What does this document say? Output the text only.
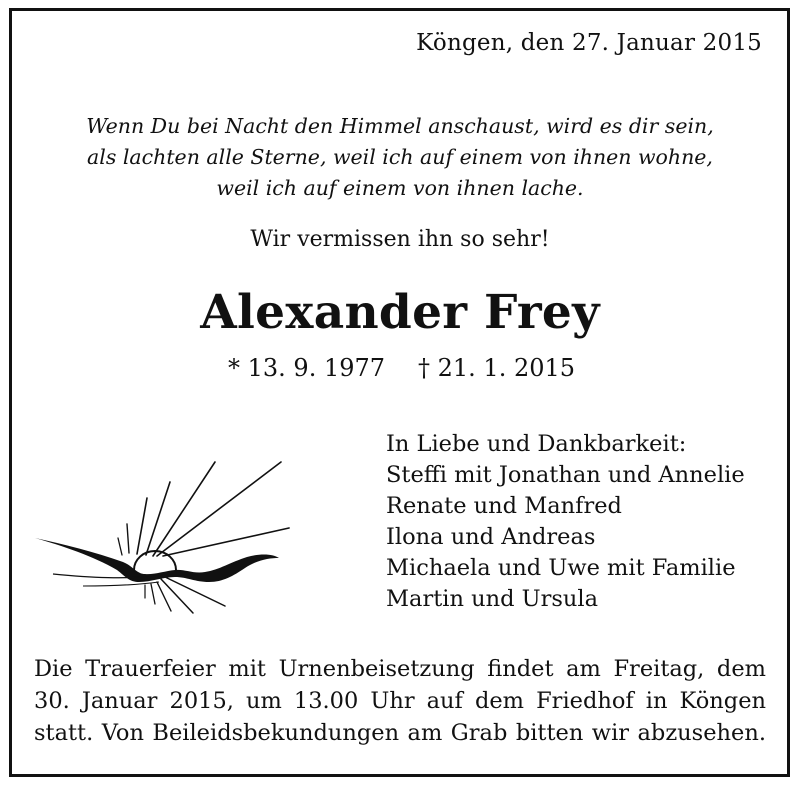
Köngen, den 27. Januar 2015
Wenn Du bei Nacht den Himmel anschaust, wird es dir sein,
als lachten alle Sterne, weil ich auf einem von ihnen wohne,
weil ich auf einem von ihnen lache.
Wir vermissen ihn so sehr!
Alexander Frey
* 13. 9. 1977 † 21. 1. 2015
In Liebe und Dankbarkeit:
Steffi mit Jonathan und Annelie
Renate und Manfred
Ilona und Andreas
Michaela und Uwe mit Familie
Martin und Ursula
Die Trauerfeier mit Urnenbeisetzung findet am Freitag, dem
30. Januar 2015, um 13.00 Uhr auf dem Friedhof in Köngen
statt. Von Beileidsbekundungen am Grab bitten wir abzusehen.
